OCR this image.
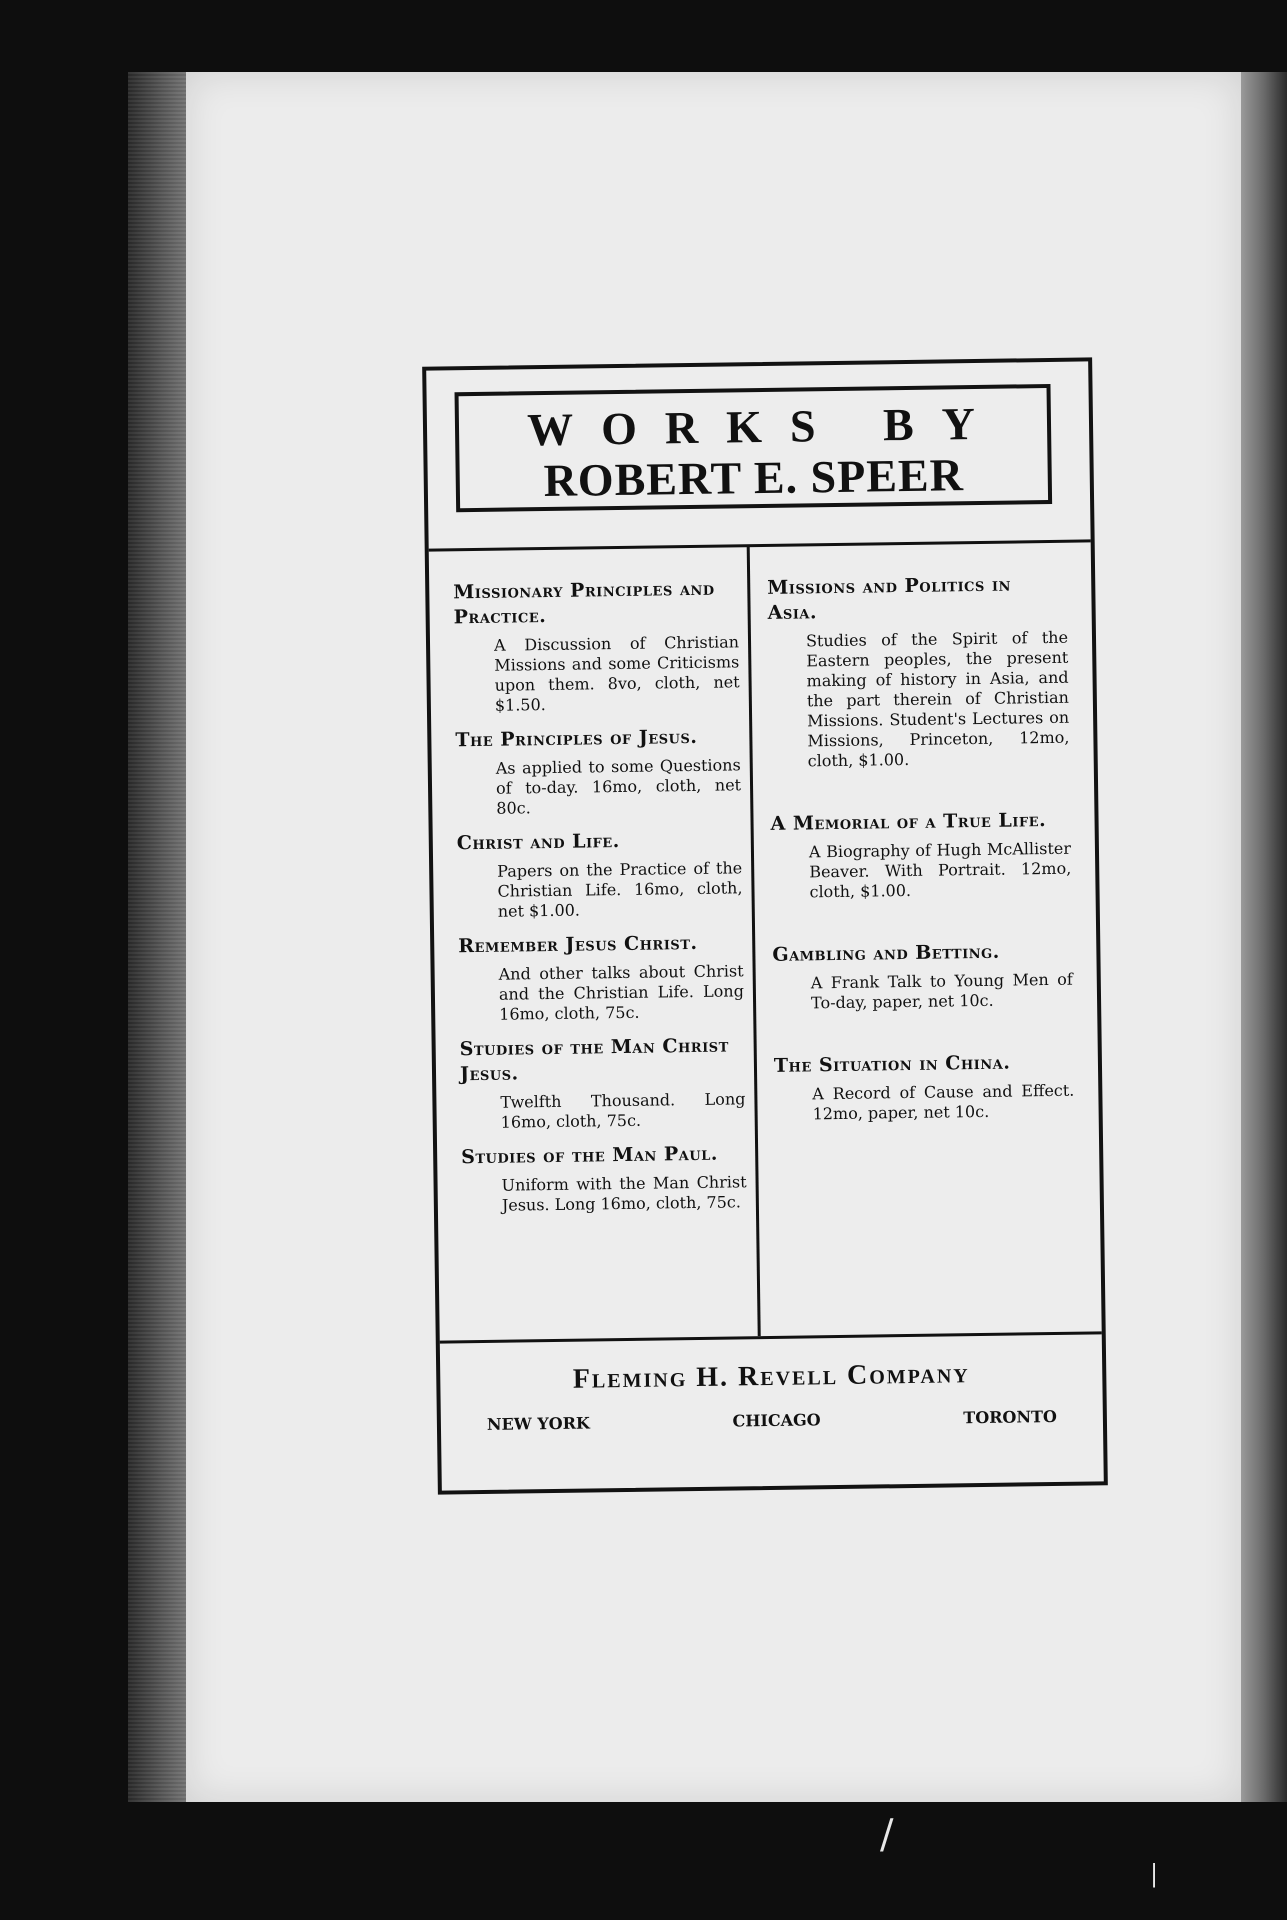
WORKS BY
ROBERT E. SPEER
Missionary Principles and Practice.
A Discussion of Christian Missions and some Criticisms upon them. 8vo, cloth, net $1.50.
The Principles of Jesus.
As applied to some Questions of to-day. 16mo, cloth, net 80c.
Christ and Life.
Papers on the Practice of the Christian Life. 16mo, cloth, net $1.00.
Remember Jesus Christ.
And other talks about Christ and the Christian Life. Long 16mo, cloth, 75c.
Studies of the Man Christ Jesus.
Twelfth Thousand. Long 16mo, cloth, 75c.
Studies of the Man Paul.
Uniform with the Man Christ Jesus. Long 16mo, cloth, 75c.
Missions and Politics in Asia.
Studies of the Spirit of the Eastern peoples, the present making of history in Asia, and the part therein of Christian Missions. Student's Lectures on Missions, Princeton, 12mo, cloth, $1.00.
A Memorial of a True Life.
A Biography of Hugh McAllister Beaver. With Portrait. 12mo, cloth, $1.00.
Gambling and Betting.
A Frank Talk to Young Men of To-day, paper, net 10c.
The Situation in China.
A Record of Cause and Effect. 12mo, paper, net 10c.
Fleming H. Revell Company
NEW YORK	CHICAGO	TORONTO
/
|
